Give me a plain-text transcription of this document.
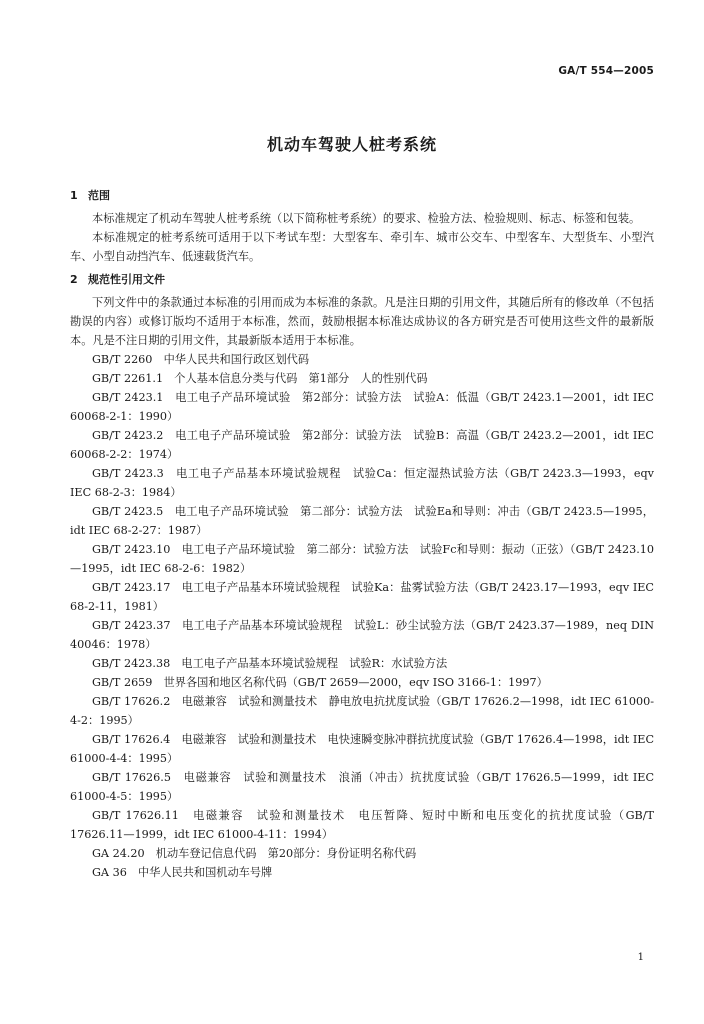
GA/T 554—2005
机动车驾驶人桩考系统

1 范围

本标准规定了机动车驾驶人桩考系统（以下简称桩考系统）的要求、检验方法、检验规则、标志、标签和包装。

本标准规定的桩考系统可适用于以下考试车型：大型客车、牵引车、城市公交车、中型客车、大型货车、小型汽车、小型自动挡汽车、低速载货汽车。

2 规范性引用文件

下列文件中的条款通过本标准的引用而成为本标准的条款。凡是注日期的引用文件，其随后所有的修改单（不包括勘误的内容）或修订版均不适用于本标准，然而，鼓励根据本标准达成协议的各方研究是否可使用这些文件的最新版本。凡是不注日期的引用文件，其最新版本适用于本标准。

GB/T 2260　中华人民共和国行政区划代码
GB/T 2261.1　个人基本信息分类与代码　第1部分　人的性别代码
GB/T 2423.1　电工电子产品环境试验　第2部分：试验方法　试验A：低温（GB/T 2423.1—2001，idt IEC 60068-2-1：1990）
GB/T 2423.2　电工电子产品环境试验　第2部分：试验方法　试验B：高温（GB/T 2423.2—2001，idt IEC 60068-2-2：1974）
GB/T 2423.3　电工电子产品基本环境试验规程　试验Ca：恒定湿热试验方法（GB/T 2423.3—1993，eqv IEC 68-2-3：1984）
GB/T 2423.5　电工电子产品环境试验　第二部分：试验方法　试验Ea和导则：冲击（GB/T 2423.5—1995，idt IEC 68-2-27：1987）
GB/T 2423.10　电工电子产品环境试验　第二部分：试验方法　试验Fc和导则：振动（正弦）（GB/T 2423.10—1995，idt IEC 68-2-6：1982）
GB/T 2423.17　电工电子产品基本环境试验规程　试验Ka：盐雾试验方法（GB/T 2423.17—1993，eqv IEC 68-2-11，1981）
GB/T 2423.37　电工电子产品基本环境试验规程　试验L：砂尘试验方法（GB/T 2423.37—1989，neq DIN 40046：1978）
GB/T 2423.38　电工电子产品基本环境试验规程　试验R：水试验方法
GB/T 2659　世界各国和地区名称代码（GB/T 2659—2000，eqv ISO 3166-1：1997）
GB/T 17626.2　电磁兼容　试验和测量技术　静电放电抗扰度试验（GB/T 17626.2—1998，idt IEC 61000-4-2：1995）
GB/T 17626.4　电磁兼容　试验和测量技术　电快速瞬变脉冲群抗扰度试验（GB/T 17626.4—1998，idt IEC 61000-4-4：1995）
GB/T 17626.5　电磁兼容　试验和测量技术　浪涌（冲击）抗扰度试验（GB/T 17626.5—1999，idt IEC 61000-4-5：1995）
GB/T 17626.11　电磁兼容　试验和测量技术　电压暂降、短时中断和电压变化的抗扰度试验（GB/T 17626.11—1999，idt IEC 61000-4-11：1994）
GA 24.20　机动车登记信息代码　第20部分：身份证明名称代码
GA 36　中华人民共和国机动车号牌
1
